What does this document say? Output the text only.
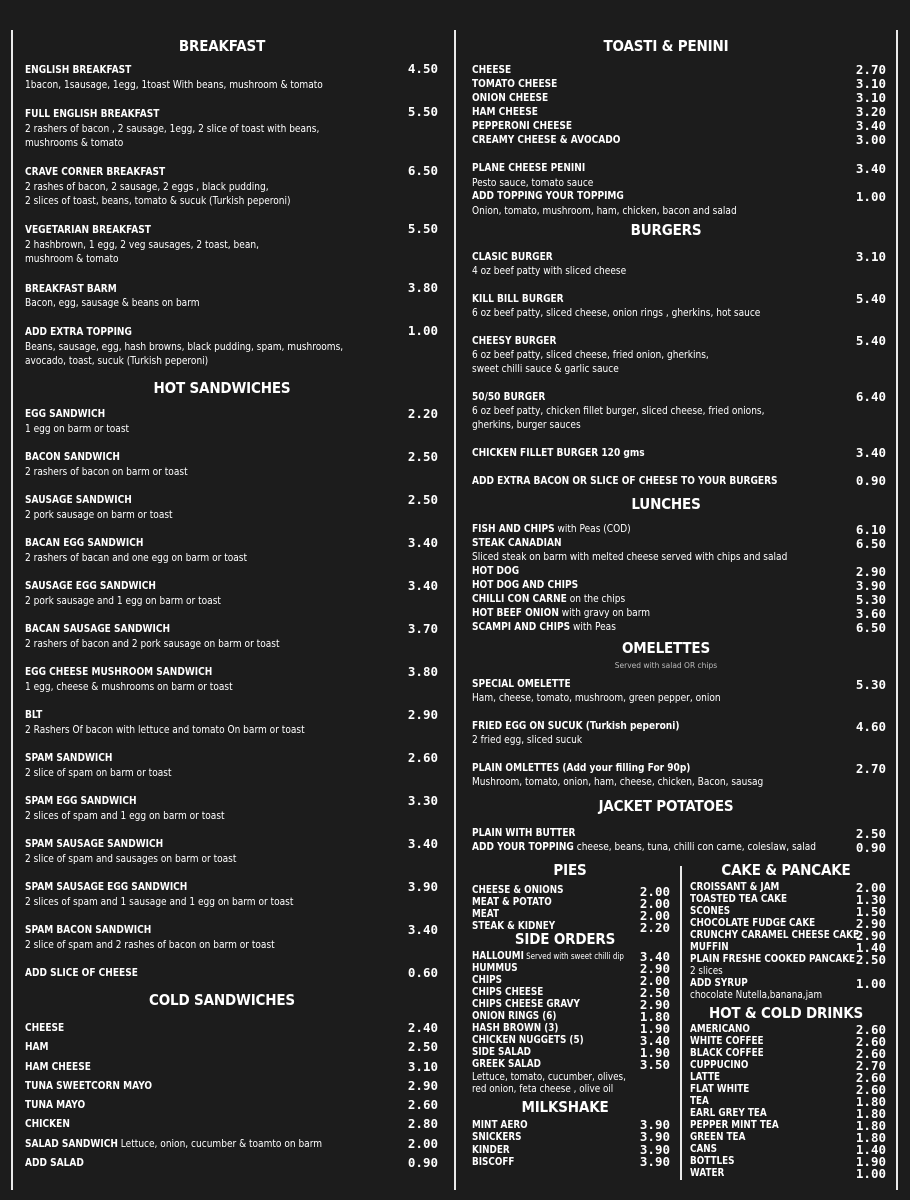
BREAKFAST
ENGLISH BREAKFAST
1bacon, 1sausage, 1egg, 1toast With beans, mushroom & tomato
4.50
FULL ENGLISH BREAKFAST
2 rashers of bacon , 2 sausage, 1egg, 2 slice of toast with beans,
mushrooms & tomato
5.50
CRAVE CORNER BREAKFAST
2 rashes of bacon, 2 sausage, 2 eggs , black pudding,
2 slices of toast, beans, tomato & sucuk (Turkish peperoni)
6.50
VEGETARIAN BREAKFAST
2 hashbrown, 1 egg, 2 veg sausages, 2 toast, bean,
mushroom & tomato
5.50
BREAKFAST BARM
Bacon, egg, sausage & beans on barm
3.80
ADD EXTRA TOPPING
Beans, sausage, egg, hash browns, black pudding, spam, mushrooms,
avocado, toast, sucuk (Turkish peperoni)
1.00
HOT SANDWICHES
EGG SANDWICH
1 egg on barm or toast
2.20
BACON SANDWICH
2 rashers of bacon on barm or toast
2.50
SAUSAGE SANDWICH
2 pork sausage on barm or toast
2.50
BACAN EGG SANDWICH
2 rashers of bacan and one egg on barm or toast
3.40
SAUSAGE EGG SANDWICH
2 pork sausage and 1 egg on barm or toast
3.40
BACAN SAUSAGE SANDWICH
2 rashers of bacon and 2 pork sausage on barm or toast
3.70
EGG CHEESE MUSHROOM SANDWICH
1 egg, cheese & mushrooms on barm or toast
3.80
BLT
2 Rashers Of bacon with lettuce and tomato On barm or toast
2.90
SPAM SANDWICH
2 slice of spam on barm or toast
2.60
SPAM EGG SANDWICH
2 slices of spam and 1 egg on barm or toast
3.30
SPAM SAUSAGE SANDWICH
2 slice of spam and sausages on barm or toast
3.40
SPAM SAUSAGE EGG SANDWICH
2 slices of spam and 1 sausage and 1 egg on barm or toast
3.90
SPAM BACON SANDWICH
2 slice of spam and 2 rashes of bacon on barm or toast
3.40
ADD SLICE OF CHEESE	0.60
COLD SANDWICHES
CHEESE	2.40
HAM	2.50
HAM CHEESE	3.10
TUNA SWEETCORN MAYO	2.90
TUNA MAYO	2.60
CHICKEN	2.80
SALAD SANDWICH Lettuce, onion, cucumber & toamto on barm	2.00
ADD SALAD	0.90
TOASTI & PENINI
CHEESE	2.70
TOMATO CHEESE	3.10
ONION CHEESE	3.10
HAM CHEESE	3.20
PEPPERONI CHEESE	3.40
CREAMY CHEESE & AVOCADO	3.00
PLANE CHEESE PENINI
Pesto sauce, tomato sauce
3.40
ADD TOPPING YOUR TOPPIMG
Onion, tomato, mushroom, ham, chicken, bacon and salad
1.00
BURGERS
CLASIC BURGER
4 oz beef patty with sliced cheese
3.10
KILL BILL BURGER
6 oz beef patty, sliced cheese, onion rings , gherkins, hot sauce
5.40
CHEESY BURGER
6 oz beef patty, sliced cheese, fried onion, gherkins,
sweet chilli sauce & garlic sauce
5.40
50/50 BURGER
6 oz beef patty, chicken fillet burger, sliced cheese, fried onions,
gherkins, burger sauces
6.40
CHICKEN FILLET BURGER 120 gms	3.40
ADD EXTRA BACON OR SLICE OF CHEESE TO YOUR BURGERS	0.90
LUNCHES
FISH AND CHIPS with Peas (COD)	6.10
STEAK CANADIAN	6.50
Sliced steak on barm with melted cheese served with chips and salad
HOT DOG	2.90
HOT DOG AND CHIPS	3.90
CHILLI CON CARNE on the chips	5.30
HOT BEEF ONION with gravy on barm	3.60
SCAMPI AND CHIPS with Peas	6.50
OMELETTES
Served with salad OR chips
SPECIAL OMELETTE
Ham, cheese, tomato, mushroom, green pepper, onion
5.30
FRIED EGG ON SUCUK (Turkish peperoni)
2 fried egg, sliced sucuk
4.60
PLAIN OMLETTES (Add your filling For 90p)
Mushroom, tomato, onion, ham, cheese, chicken, Bacon, sausag
2.70
JACKET POTATOES
PLAIN WITH BUTTER	2.50
ADD YOUR TOPPING cheese, beans, tuna, chilli con carne, coleslaw, salad	0.90
PIES
CHEESE & ONIONS	2.00
MEAT & POTATO	2.00
MEAT	2.00
STEAK & KIDNEY	2.20
SIDE ORDERS
HALLOUMI Served with sweet chilli dip	3.40
HUMMUS	2.90
CHIPS	2.00
CHIPS CHEESE	2.50
CHIPS CHEESE GRAVY	2.90
ONION RINGS (6)	1.80
HASH BROWN (3)	1.90
CHICKEN NUGGETS (5)	3.40
SIDE SALAD	1.90
GREEK SALAD	3.50
Lettuce, tomato, cucumber, olives,
red onion, feta cheese , olive oil
MILKSHAKE
MINT AERO	3.90
SNICKERS	3.90
KINDER	3.90
BISCOFF	3.90
CAKE & PANCAKE
CROISSANT & JAM	2.00
TOASTED TEA CAKE	1.30
SCONES	1.50
CHOCOLATE FUDGE CAKE	2.90
CRUNCHY CARAMEL CHEESE CAKE
2.90
MUFFIN	1.40
PLAIN FRESHE COOKED PANCAKE 2.50
2 slices
ADD SYRUP	1.00
chocolate Nutella,banana,jam
HOT & COLD DRINKS
AMERICANO	2.60
WHITE COFFEE	2.60
BLACK COFFEE	2.60
CUPPUCINO	2.70
LATTE	2.60
FLAT WHITE	2.60
TEA	1.80
EARL GREY TEA	1.80
PEPPER MINT TEA	1.80
GREEN TEA	1.80
CANS	1.40
BOTTLES	1.90
WATER	1.00
